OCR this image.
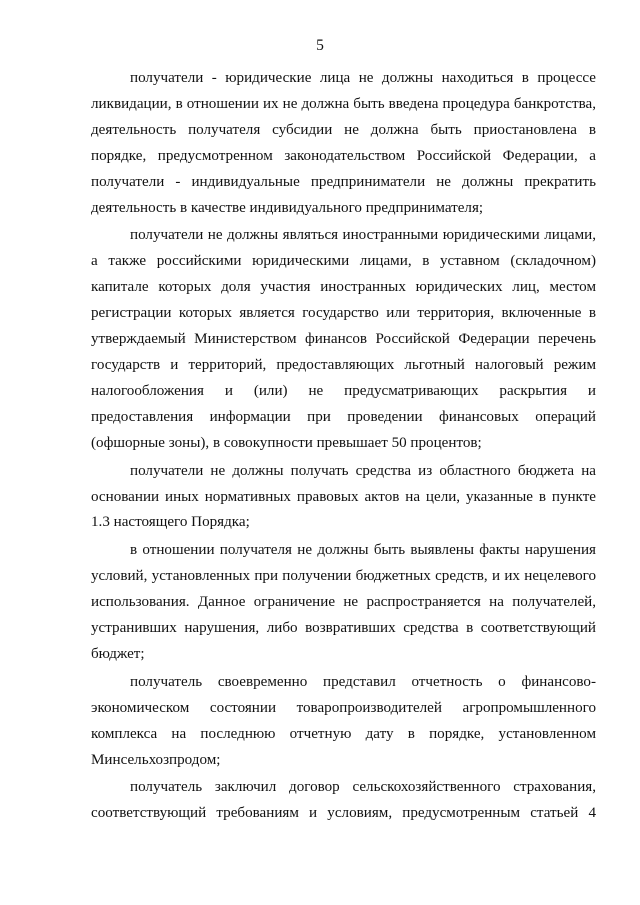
5

получатели - юридические лица не должны находиться в процессе ликвидации, в отношении их не должна быть введена процедура банкротства, деятельность получателя субсидии не должна быть приостановлена в порядке, предусмотренном законодательством Российской Федерации, а получатели - индивидуальные предприниматели не должны прекратить деятельность в качестве индивидуального предпринимателя;

получатели не должны являться иностранными юридическими лицами, а также российскими юридическими лицами, в уставном (складочном) капитале которых доля участия иностранных юридических лиц, местом регистрации которых является государство или территория, включенные в утверждаемый Министерством финансов Российской Федерации перечень государств и территорий, предоставляющих льготный налоговый режим налогообложения и (или) не предусматривающих раскрытия и предоставления информации при проведении финансовых операций (офшорные зоны), в совокупности превышает 50 процентов;

получатели не должны получать средства из областного бюджета на основании иных нормативных правовых актов на цели, указанные в пункте 1.3 настоящего Порядка;

в отношении получателя не должны быть выявлены факты нарушения условий, установленных при получении бюджетных средств, и их нецелевого использования. Данное ограничение не распространяется на получателей, устранивших нарушения, либо возвративших средства в соответствующий бюджет;

получатель своевременно представил отчетность о финансово-экономическом состоянии товаропроизводителей агропромышленного комплекса на последнюю отчетную дату в порядке, установленном Минсельхозпродом;

получатель заключил договор сельскохозяйственного страхования, соответствующий требованиям и условиям, предусмотренным статьей 4
